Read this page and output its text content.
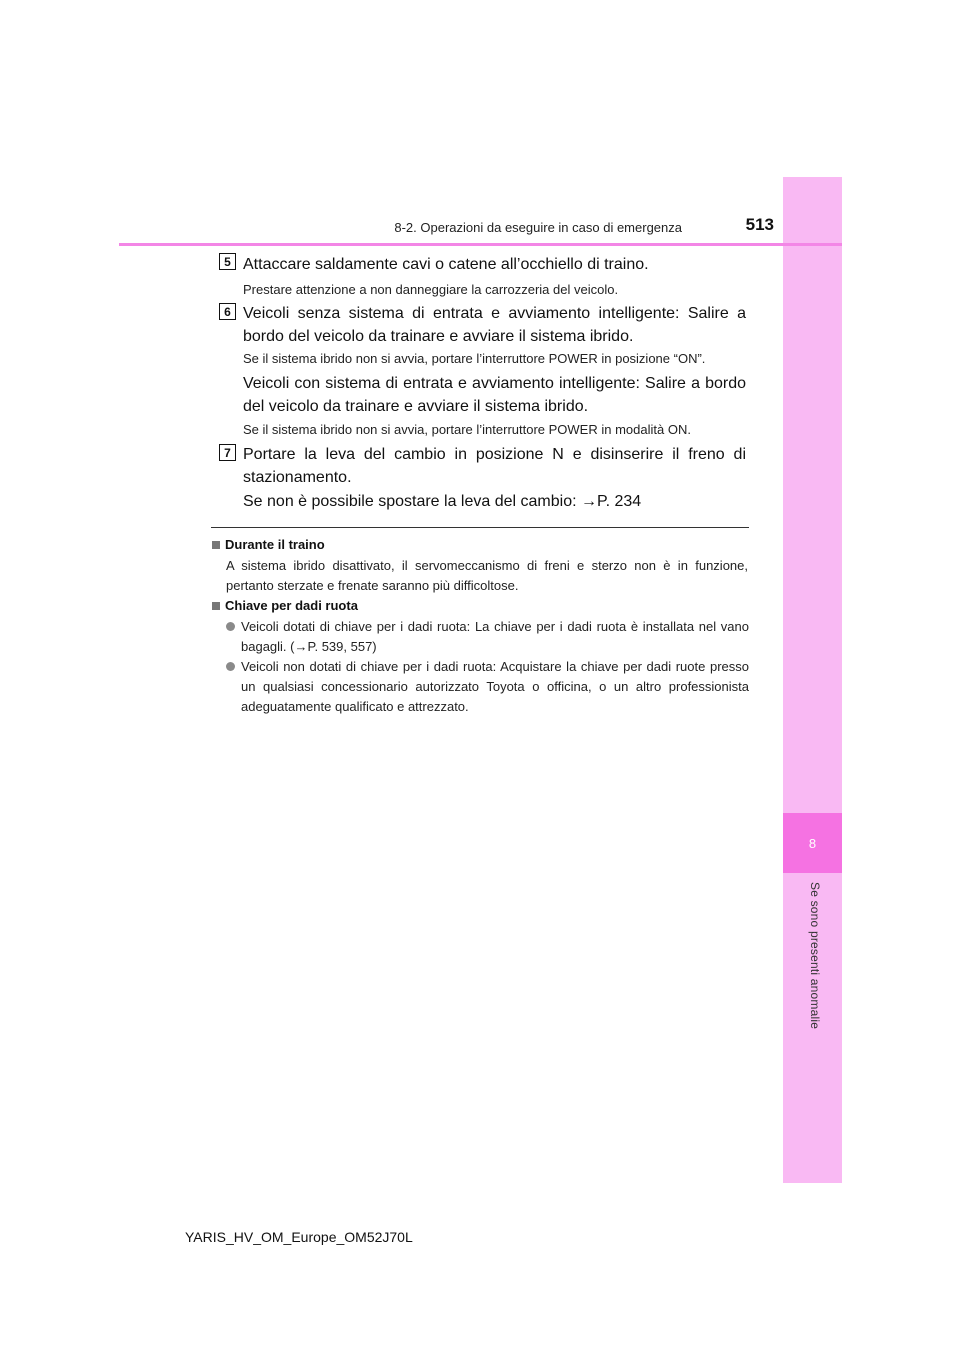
8
Se sono presenti anomalie
8-2. Operazioni da eseguire in caso di emergenza	513
5 Attaccare saldamente cavi o catene all’occhiello di traino.
Prestare attenzione a non danneggiare la carrozzeria del veicolo.
6 Veicoli senza sistema di entrata e avviamento intelligente: Salire a bordo del veicolo da trainare e avviare il sistema ibrido.
Se il sistema ibrido non si avvia, portare l’interruttore POWER in posizione “ON”.
Veicoli con sistema di entrata e avviamento intelligente: Salire a bordo del veicolo da trainare e avviare il sistema ibrido.
Se il sistema ibrido non si avvia, portare l’interruttore POWER in modalità ON.
7 Portare la leva del cambio in posizione N e disinserire il freno di stazionamento.
Se non è possibile spostare la leva del cambio: →P. 234
Durante il traino
A sistema ibrido disattivato, il servomeccanismo di freni e sterzo non è in funzione, pertanto sterzate e frenate saranno più difficoltose.
Chiave per dadi ruota
Veicoli dotati di chiave per i dadi ruota: La chiave per i dadi ruota è installata nel vano bagagli. (→P. 539, 557)
Veicoli non dotati di chiave per i dadi ruota: Acquistare la chiave per dadi ruote presso un qualsiasi concessionario autorizzato Toyota o officina, o un altro professionista adeguatamente qualificato e attrezzato.
YARIS_HV_OM_Europe_OM52J70L
